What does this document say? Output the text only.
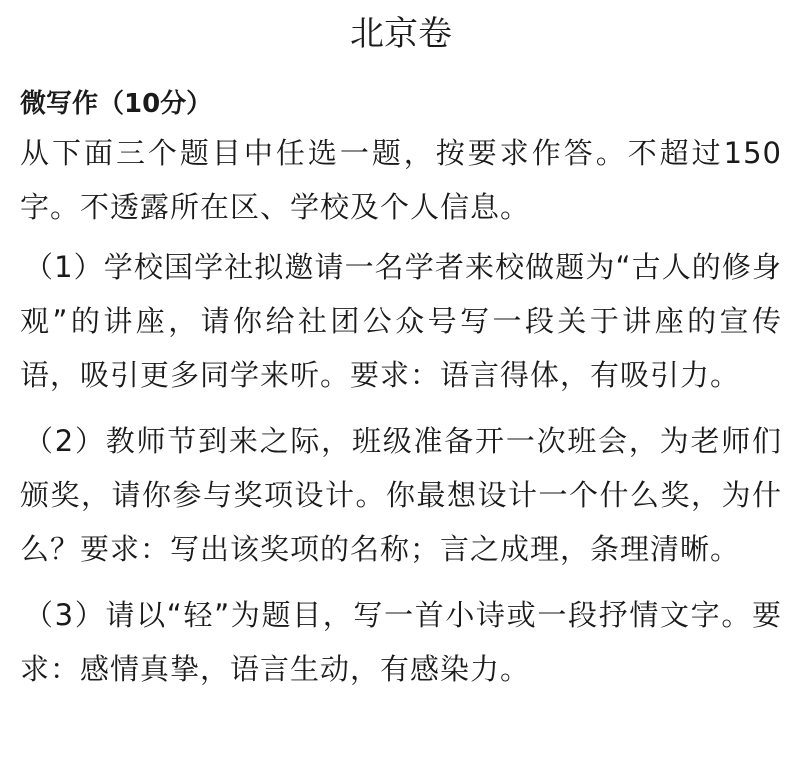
北京卷
微写作（10分）

从下面三个题目中任选一题，按要求作答。不超过150字。不透露所在区、学校及个人信息。

（1）学校国学社拟邀请一名学者来校做题为“古人的修身观”的讲座，请你给社团公众号写一段关于讲座的宣传语，吸引更多同学来听。要求：语言得体，有吸引力。

（2）教师节到来之际，班级准备开一次班会，为老师们颁奖，请你参与奖项设计。你最想设计一个什么奖，为什么？要求：写出该奖项的名称；言之成理，条理清晰。

（3）请以“轻”为题目，写一首小诗或一段抒情文字。要求：感情真挚，语言生动，有感染力。
